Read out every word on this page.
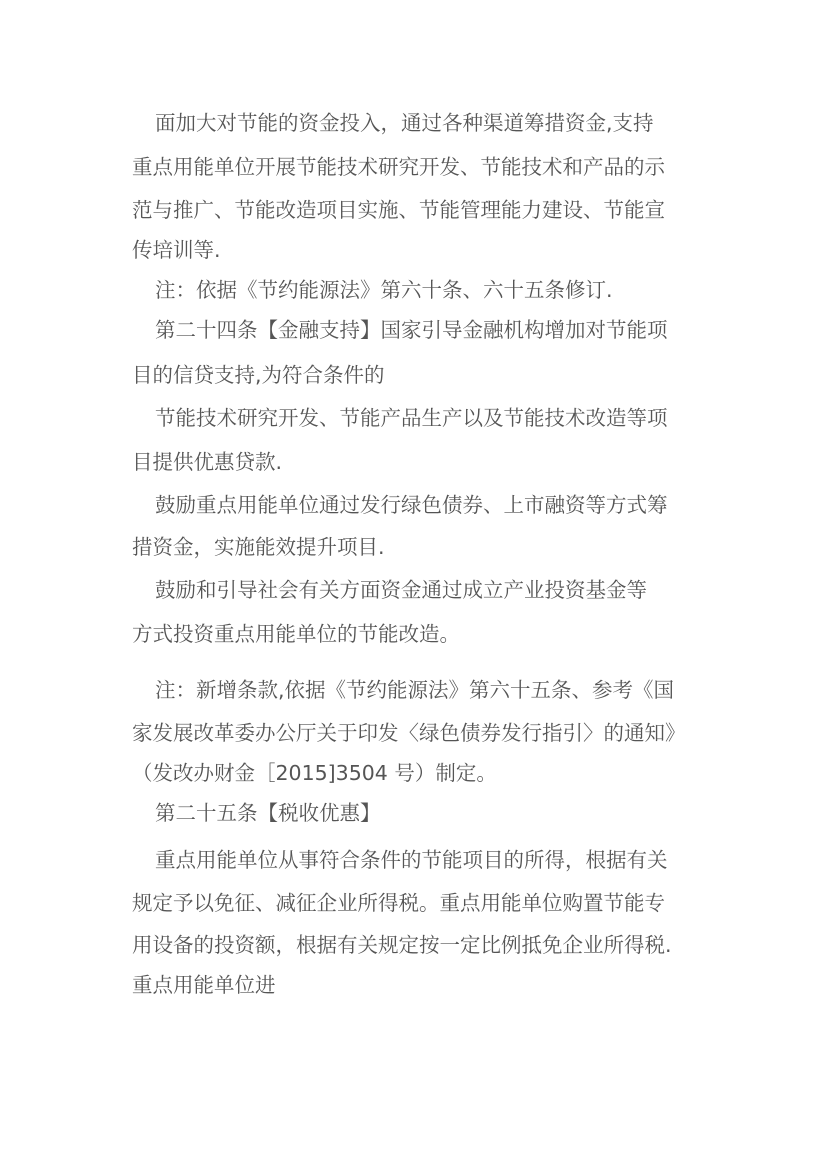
面加大对节能的资金投入，通过各种渠道筹措资金,支持
重点用能单位开展节能技术研究开发、节能技术和产品的示
范与推广、节能改造项目实施、节能管理能力建设、节能宣
传培训等.
注：依据《节约能源法》第六十条、六十五条修订.
第二十四条【金融支持】国家引导金融机构增加对节能项
目的信贷支持,为符合条件的
节能技术研究开发、节能产品生产以及节能技术改造等项
目提供优惠贷款.
鼓励重点用能单位通过发行绿色债券、上市融资等方式筹
措资金，实施能效提升项目.
鼓励和引导社会有关方面资金通过成立产业投资基金等
方式投资重点用能单位的节能改造。
注：新增条款,依据《节约能源法》第六十五条、参考《国
家发展改革委办公厅关于印发〈绿色债券发行指引〉的通知》
（发改办财金［2015]3504 号）制定。
第二十五条【税收优惠】
重点用能单位从事符合条件的节能项目的所得，根据有关
规定予以免征、减征企业所得税。重点用能单位购置节能专
用设备的投资额，根据有关规定按一定比例抵免企业所得税.
重点用能单位进
